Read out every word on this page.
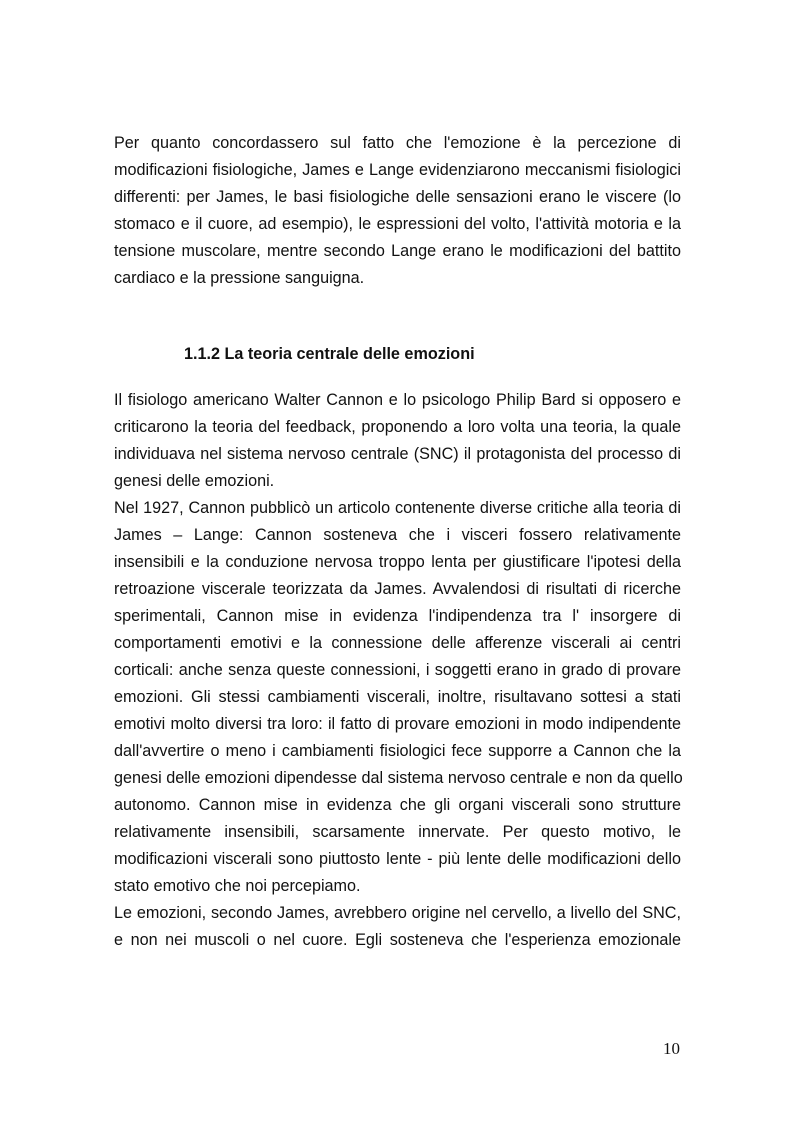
Per quanto concordassero sul fatto che l'emozione è la percezione di
modificazioni fisiologiche, James e Lange evidenziarono meccanismi fisiologici
differenti: per James, le basi fisiologiche delle sensazioni erano le viscere (lo
stomaco e il cuore, ad esempio), le espressioni del volto, l'attività motoria e la
tensione muscolare, mentre secondo Lange erano le modificazioni del battito
cardiaco e la pressione sanguigna.
1.1.2 La teoria centrale delle emozioni
Il fisiologo americano Walter Cannon e lo psicologo Philip Bard si opposero e
criticarono la teoria del feedback, proponendo a loro volta una teoria, la quale
individuava nel sistema nervoso centrale (SNC) il protagonista del processo di
genesi delle emozioni.
Nel 1927, Cannon pubblicò un articolo contenente diverse critiche alla teoria di
James – Lange: Cannon sosteneva che i visceri fossero relativamente
insensibili e la conduzione nervosa troppo lenta per giustificare l'ipotesi della
retroazione viscerale teorizzata da James. Avvalendosi di risultati di ricerche
sperimentali, Cannon mise in evidenza l'indipendenza tra l' insorgere di
comportamenti emotivi e la connessione delle afferenze viscerali ai centri
corticali: anche senza queste connessioni, i soggetti erano in grado di provare
emozioni. Gli stessi cambiamenti viscerali, inoltre, risultavano sottesi a stati
emotivi molto diversi tra loro: il fatto di provare emozioni in modo indipendente
dall'avvertire o meno i cambiamenti fisiologici fece supporre a Cannon che la
genesi delle emozioni dipendesse dal sistema nervoso centrale e non da quello
autonomo. Cannon mise in evidenza che gli organi viscerali sono strutture
relativamente insensibili, scarsamente innervate. Per questo motivo, le
modificazioni viscerali sono piuttosto lente - più lente delle modificazioni dello
stato emotivo che noi percepiamo.
Le emozioni, secondo James, avrebbero origine nel cervello, a livello del SNC,
e non nei muscoli o nel cuore. Egli sosteneva che l'esperienza emozionale
10
